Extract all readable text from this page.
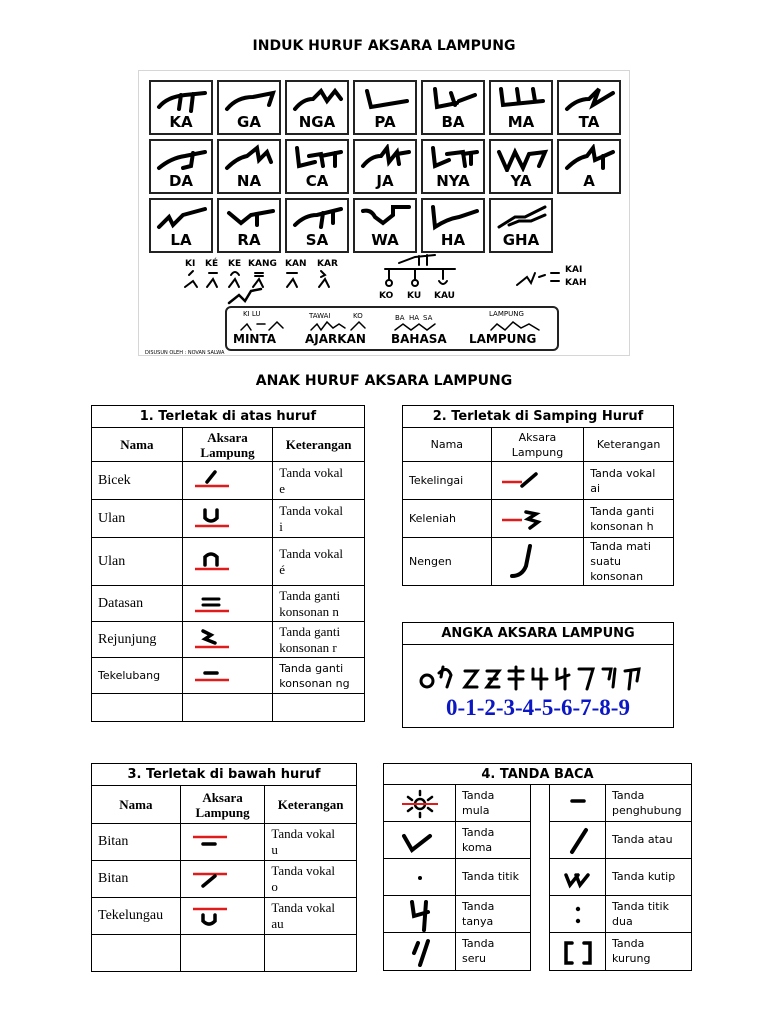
INDUK HURUF AKSARA LAMPUNG
KA	GA	NGA	PA	BA	MA	TA
DA	NA	CA	JA	NYA	YA	A
LA	RA	SA	WA	HA	GHA
KI KÉ KE KANG KAN KAR
KO KU KAU
KAI
KAH
KI LU	TAWAI	KO	BA HA SA	LAMPUNG
MINTA AJARKAN BAHASA LAMPUNG
DISUSUN OLEH : NOVAN SALWA
ANAK HURUF AKSARA LAMPUNG
1. Terletak di atas huruf		
Nama	Aksara Lampung	Keterangan
Bicek		Tanda vokal
e
Ulan		Tanda vokal
i
Ulan		Tanda vokal
é
Datasan		Tanda ganti
konsonan n
Rejunjung		Tanda ganti
konsonan r
Tekelubang		Tanda ganti
konsonan ng

2. Terletak di Samping Huruf		
Nama	Aksara Lampung	Keterangan
Tekelingai		Tanda vokal
ai
Keleniah		Tanda ganti
konsonan h
Nengen		Tanda mati
suatu
konsonan
ANGKA AKSARA LAMPUNG
0-1-2-3-4-5-6-7-8-9
3. Terletak di bawah huruf		
Nama	Aksara Lampung	Keterangan
Bitan		Tanda vokal
u
Bitan		Tanda vokal
o
Tekelungau		Tanda vokal
au

4. TANDA BACA
Tanda
mula
Tanda
koma
Tanda titik
Tanda
tanya
Tanda
seru
Tanda
penghubung
Tanda atau
Tanda kutip
Tanda titik
dua
Tanda
kurung
